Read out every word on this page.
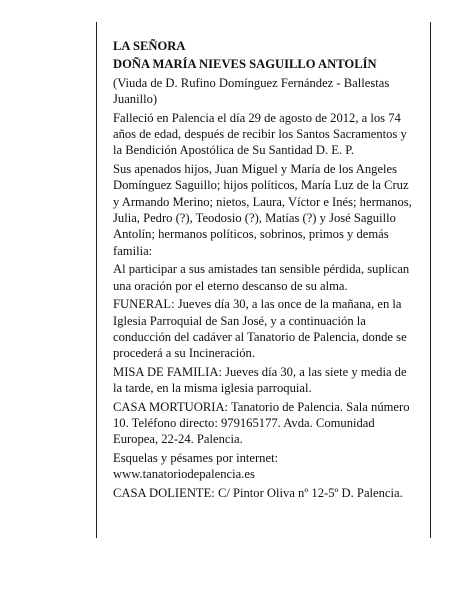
LA SEÑORA

DOÑA MARÍA NIEVES SAGUILLO ANTOLÍN

(Viuda de D. Rufino Domínguez Fernández - Ballestas Juanillo)

Falleció en Palencia el día 29 de agosto de 2012, a los 74 años de edad, después de recibir los Santos Sacramentos y la Bendición Apostólica de Su Santidad D. E. P.

Sus apenados hijos, Juan Miguel y María de los Angeles Domínguez Saguillo; hijos políticos, María Luz de la Cruz y Armando Merino; nietos, Laura, Víctor e Inés; hermanos, Julia, Pedro (?), Teodosio (?), Matías (?) y José Saguillo Antolín; hermanos políticos, sobrinos, primos y demás familia:

Al participar a sus amistades tan sensible pérdida, suplican una oración por el eterno descanso de su alma.

FUNERAL: Jueves día 30, a las once de la mañana, en la Iglesia Parroquial de San José, y a continuación la conducción del cadáver al Tanatorio de Palencia, donde se procederá a su Incineración.

MISA DE FAMILIA: Jueves día 30, a las siete y media de la tarde, en la misma iglesia parroquial.

CASA MORTUORIA: Tanatorio de Palencia. Sala número 10. Teléfono directo: 979165177. Avda. Comunidad Europea, 22-24. Palencia.

Esquelas y pésames por internet:
www.tanatoriodepalencia.es

CASA DOLIENTE: C/ Pintor Oliva nº 12-5º D. Palencia.
